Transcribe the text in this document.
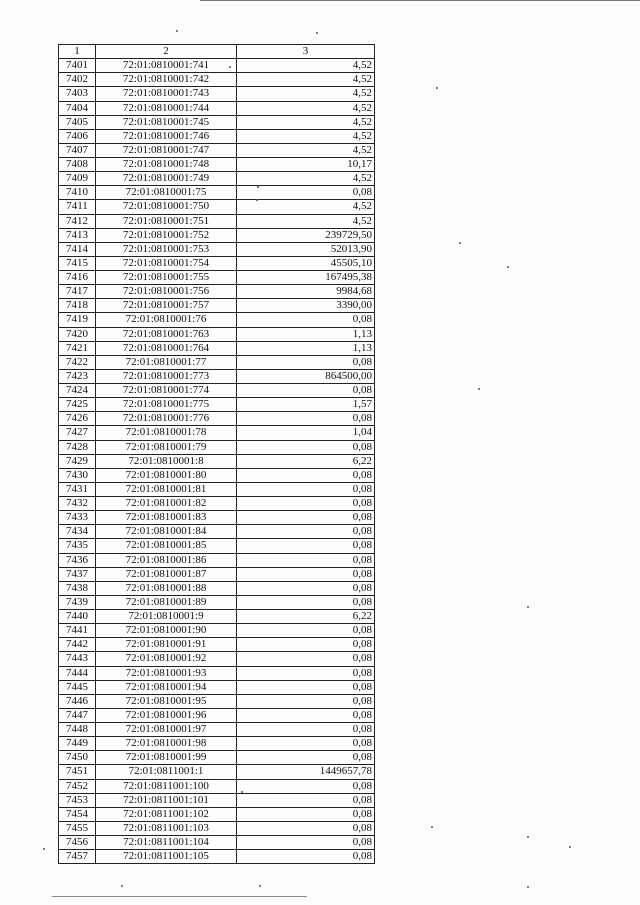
1	2	3
7401	72:01:0810001:741	4,52
7402	72:01:0810001:742	4,52
7403	72:01:0810001:743	4,52
7404	72:01:0810001:744	4,52
7405	72:01:0810001:745	4,52
7406	72:01:0810001:746	4,52
7407	72:01:0810001:747	4,52
7408	72:01:0810001:748	10,17
7409	72:01:0810001:749	4,52
7410	72:01:0810001:75	0,08
7411	72:01:0810001:750	4,52
7412	72:01:0810001:751	4,52
7413	72:01:0810001:752	239729,50
7414	72:01:0810001:753	52013,90
7415	72:01:0810001:754	45505,10
7416	72:01:0810001:755	167495,38
7417	72:01:0810001:756	9984,68
7418	72:01:0810001:757	3390,00
7419	72:01:0810001:76	0,08
7420	72:01:0810001:763	1,13
7421	72:01:0810001:764	1,13
7422	72:01:0810001:77	0,08
7423	72:01:0810001:773	864500,00
7424	72:01:0810001:774	0,08
7425	72:01:0810001:775	1,57
7426	72:01:0810001:776	0,08
7427	72:01:0810001:78	1,04
7428	72:01:0810001:79	0,08
7429	72:01:0810001:8	6,22
7430	72:01:0810001:80	0,08
7431	72:01:0810001:81	0,08
7432	72:01:0810001:82	0,08
7433	72:01:0810001:83	0,08
7434	72:01:0810001:84	0,08
7435	72:01:0810001:85	0,08
7436	72:01:0810001:86	0,08
7437	72:01:0810001:87	0,08
7438	72:01:0810001:88	0,08
7439	72:01:0810001:89	0,08
7440	72:01:0810001:9	6,22
7441	72:01:0810001:90	0,08
7442	72:01:0810001:91	0,08
7443	72:01:0810001:92	0,08
7444	72:01:0810001:93	0,08
7445	72:01:0810001:94	0,08
7446	72:01:0810001:95	0,08
7447	72:01:0810001:96	0,08
7448	72:01:0810001:97	0,08
7449	72:01:0810001:98	0,08
7450	72:01:0810001:99	0,08
7451	72:01:0811001:1	1449657,78
7452	72:01:0811001:100	0,08
7453	72:01:0811001:101	0,08
7454	72:01:0811001:102	0,08
7455	72:01:0811001:103	0,08
7456	72:01:0811001:104	0,08
7457	72:01:0811001:105	0,08
